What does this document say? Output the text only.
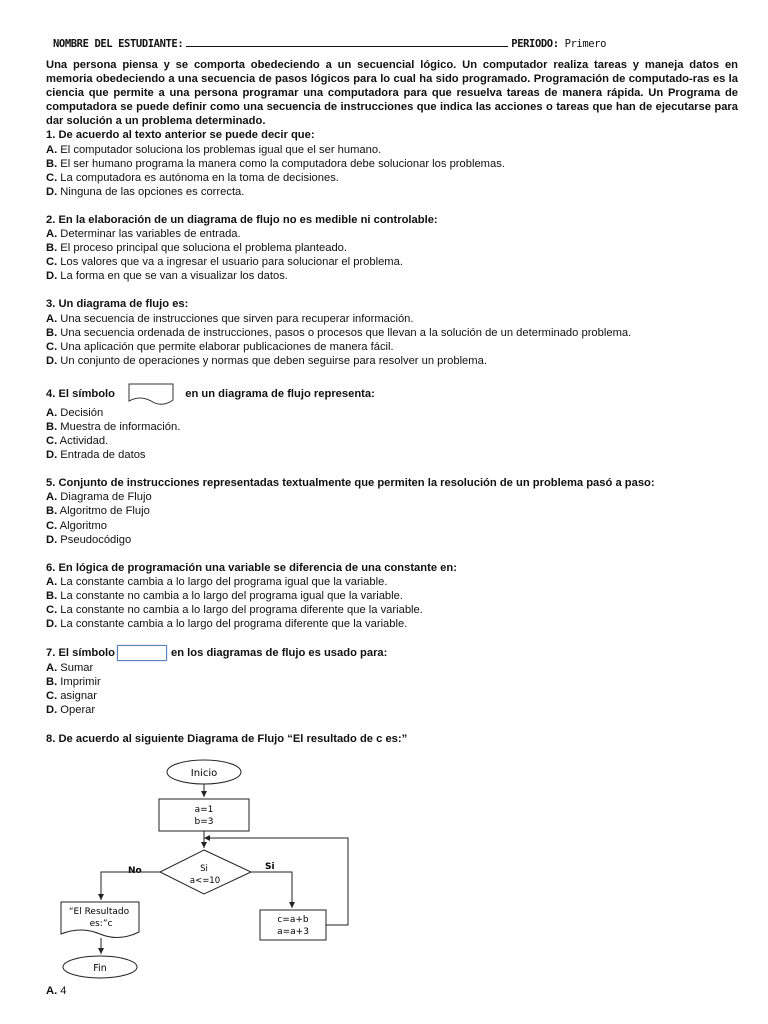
NOMBRE DEL ESTUDIANTE:	PERIODO: Primero
Una persona piensa y se comporta obedeciendo a un secuencial lógico. Un computador realiza tareas y maneja datos en memoria obedeciendo a una secuencia de pasos lógicos para lo cual ha sido programado. Programación de computado-ras es la ciencia que permite a una persona programar una computadora para que resuelva tareas de manera rápida. Un Programa de computadora se puede definir como una secuencia de instrucciones que indica las acciones o tareas que han de ejecutarse para dar solución a un problema determinado.
1. De acuerdo al texto anterior se puede decir que:
A. El computador soluciona los problemas igual que el ser humano.
B. El ser humano programa la manera como la computadora debe solucionar los problemas.
C. La computadora es autónoma en la toma de decisiones.
D. Ninguna de las opciones es correcta.
2. En la elaboración de un diagrama de flujo no es medible ni controlable:
A. Determinar las variables de entrada.
B. El proceso principal que soluciona el problema planteado.
C. Los valores que va a ingresar el usuario para solucionar el problema.
D. La forma en que se van a visualizar los datos.
3. Un diagrama de flujo es:
A. Una secuencia de instrucciones que sirven para recuperar información.
B. Una secuencia ordenada de instrucciones, pasos o procesos que llevan a la solución de un determinado problema.
C. Una aplicación que permite elaborar publicaciones de manera fácil.
D. Un conjunto de operaciones y normas que deben seguirse para resolver un problema.
4. El símbolo	en un diagrama de flujo representa:
A. Decisión
B. Muestra de información.
C. Actividad.
D. Entrada de datos
5. Conjunto de instrucciones representadas textualmente que permiten la resolución de un problema pasó a paso:
A. Diagrama de Flujo
B. Algoritmo de Flujo
C. Algoritmo
D. Pseudocódigo
6. En lógica de programación una variable se diferencia de una constante en:
A. La constante cambia a lo largo del programa igual que la variable.
B. La constante no cambia a lo largo del programa igual que la variable.
C. La constante no cambia a lo largo del programa diferente que la variable.
D. La constante cambia a lo largo del programa diferente que la variable.
7. El símbolo	en los diagramas de flujo es usado para:
A. Sumar
B. Imprimir
C. asignar
D. Operar
8. De acuerdo al siguiente Diagrama de Flujo “El resultado de c es:”
Inicio
a=1
b=3
Si
a<=10
No	Si
“El Resultado
es:”c
Fin
c=a+b
a=a+3
A. 4
